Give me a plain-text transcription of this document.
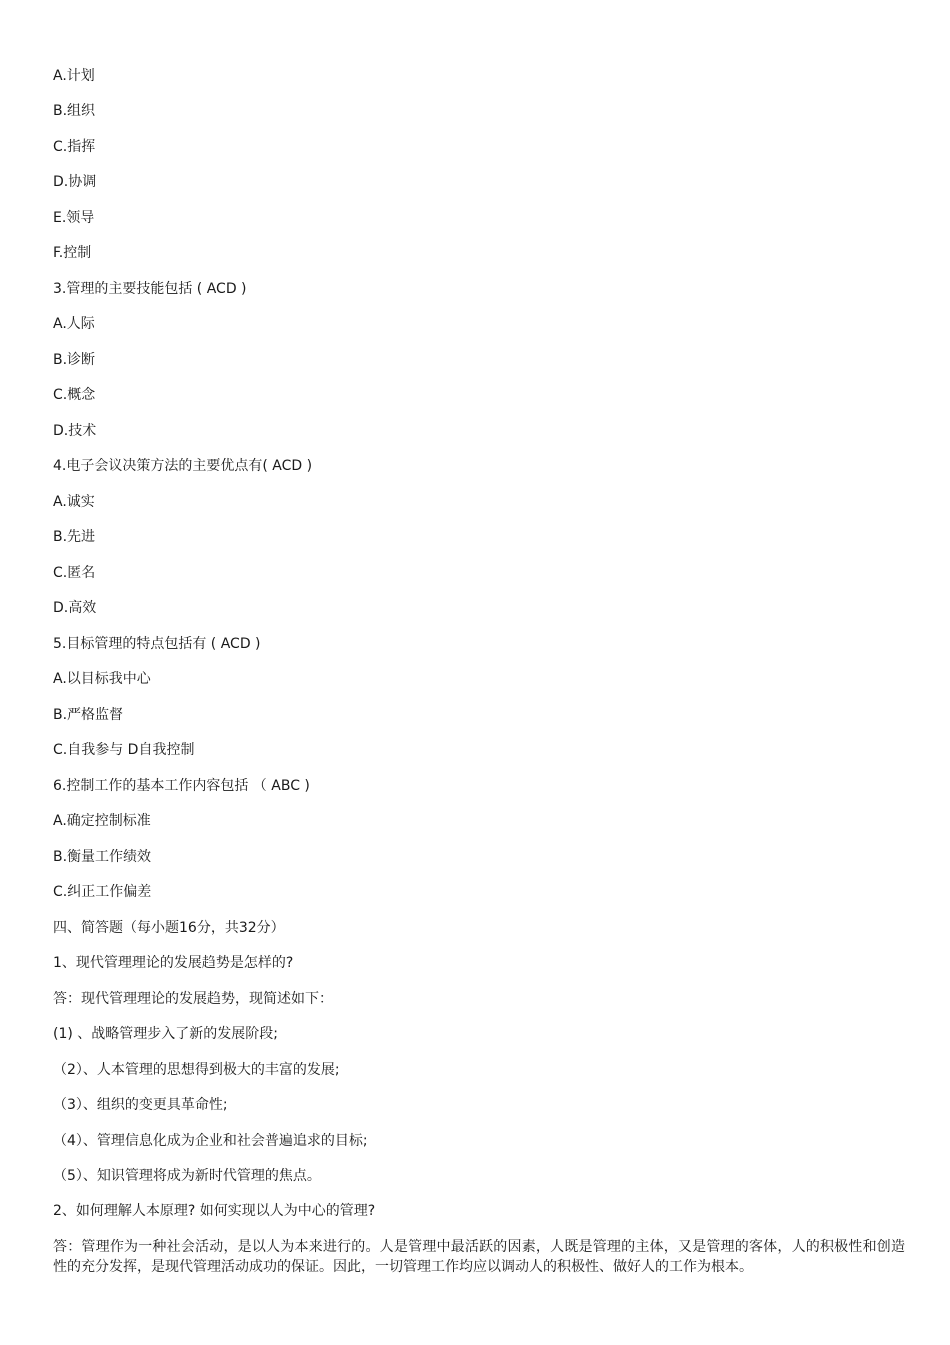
A.计划
B.组织
C.指挥
D.协调
E.领导
F.控制
3.管理的主要技能包括 ( ACD )
A.人际
B.诊断
C.概念
D.技术
4.电子会议决策方法的主要优点有( ACD )
A.诚实
B.先进
C.匿名
D.高效
5.目标管理的特点包括有 ( ACD )
A.以目标我中心
B.严格监督
C.自我参与 D自我控制
6.控制工作的基本工作内容包括 （ ABC )
A.确定控制标准
B.衡量工作绩效
C.纠正工作偏差
四、简答题（每小题16分，共32分）
1、现代管理理论的发展趋势是怎样的?
答：现代管理理论的发展趋势，现简述如下：
(1) 、战略管理步入了新的发展阶段;
（2）、人本管理的思想得到极大的丰富的发展;
（3）、组织的变更具革命性;
（4）、管理信息化成为企业和社会普遍追求的目标;
（5）、知识管理将成为新时代管理的焦点。
2、如何理解人本原理? 如何实现以人为中心的管理?
答：管理作为一种社会活动，是以人为本来进行的。人是管理中最活跃的因素，人既是管理的主体，又是管理的客体，人的积极性和创造性的充分发挥，是现代管理活动成功的保证。因此，一切管理工作均应以调动人的积极性、做好人的工作为根本。
